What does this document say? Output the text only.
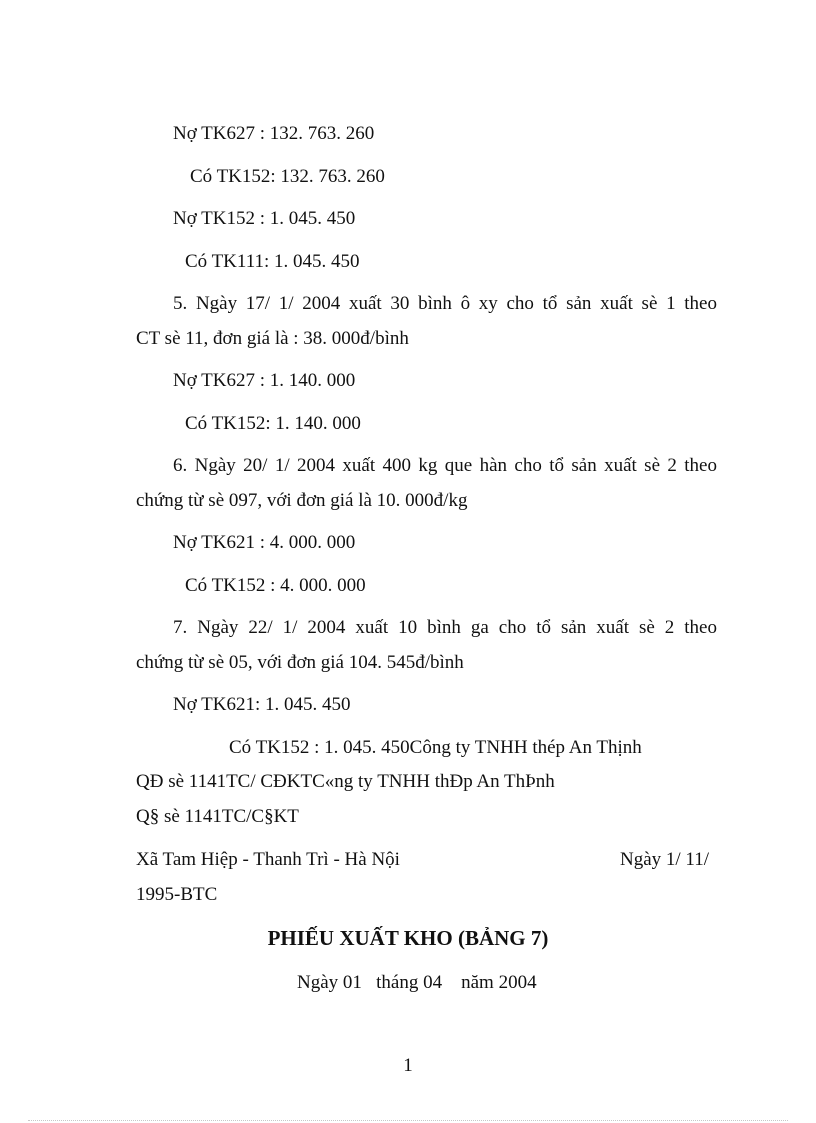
Nợ TK627 : 132. 763. 260
Có TK152: 132. 763. 260
Nợ TK152 : 1. 045. 450
Có TK111: 1. 045. 450
5. Ngày 17/ 1/ 2004 xuất 30 bình ô xy cho tổ sản xuất sè 1 theo
CT sè 11, đơn giá là : 38. 000đ/bình
Nợ TK627 : 1. 140. 000
Có TK152: 1. 140. 000
6. Ngày 20/ 1/ 2004 xuất 400 kg que hàn cho tổ sản xuất sè 2 theo
chứng từ sè 097, với đơn giá là 10. 000đ/kg
Nợ TK621 : 4. 000. 000
Có TK152 : 4. 000. 000
7. Ngày 22/ 1/ 2004 xuất 10 bình ga cho tổ sản xuất sè 2 theo
chứng từ sè 05, với đơn giá 104. 545đ/bình
Nợ TK621: 1. 045. 450
Có TK152 : 1. 045. 450Công ty TNHH thép An Thịnh
QĐ sè 1141TC/ CĐKTC«ng ty TNHH thÐp An ThÞnh
Q§ sè 1141TC/C§KT
Xã Tam Hiệp - Thanh Trì - Hà Nội	Ngày 1/ 11/
1995-BTC
PHIẾU XUẤT KHO (BẢNG 7)
Ngày 01   tháng 04    năm 2004
1
